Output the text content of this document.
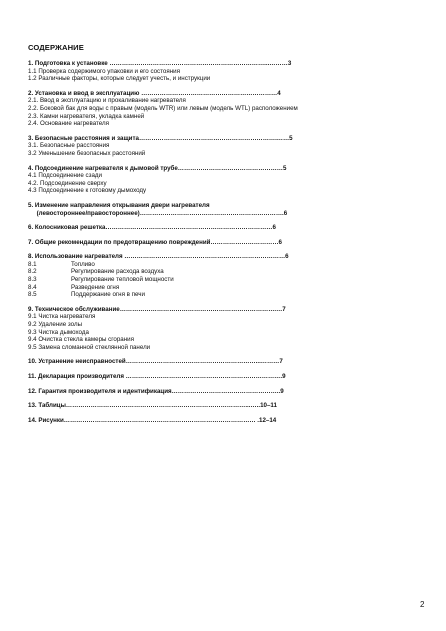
СОДЕРЖАНИЕ
1. Подготовка к установке …………………………………………………………………...………3
1.1 Проверка содержимого упаковки и его состояния
1.2 Различные факторы, которые следует учесть, и инструкции
2. Установка и ввод в эксплуатацию …………………………………………………………4
2.1. Ввод в эксплуатацию и прокаливание нагревателя
2.2. Боковой бак для воды с правым (модель WTR) или левым (модель WTL) расположением
2.3. Камни нагревателя, укладка камней
2.4. Основание нагревателя
3. Безопасные расстояния и защита………………………………………………………….……5
3.1. Безопасные расстояния
3.2 Уменьшение безопасных расстояний
4. Подсоединение нагревателя к дымовой трубе……………………………………………5
4.1 Подсоединение сзади
4.2. Подсоединение сверху
4.3 Подсоединение к готовому дымоходу
5. Изменение направления открывания двери нагревателя
(левостороннее/правостороннее)…………………………………………………………….6
6. Колосниковая решетка………………………………………………………………………6
7. Общие рекомендации по предотвращению повреждений……………………………6
8. Использование нагревателя ……………………………………………………………………6
8.1                    Топливо
8.2                    Регулирование расхода воздуха
8.3                    Регулирование тепловой мощности
8.4                    Разведение огня
8.5                    Поддержание огня в печи
9. Техническое обслуживание………………………………………………………………….…7
9.1 Чистка нагревателя
9.2 Удаление золы
9.3 Чистка дымохода
9.4 Очистка стекла камеры сгорания
9.5 Замена сломанной стеклянной панели
10. Устранение неисправностей………………………………………………………...………7
11. Декларация производителя ………………………………………………………………….9
12. Гарантия производителя и идентификация……………………………………………..9
13. Таблицы……………………………………………………………………………...…..10–11
14. Рисунки………………………………………………………………………………… .12–14
2
